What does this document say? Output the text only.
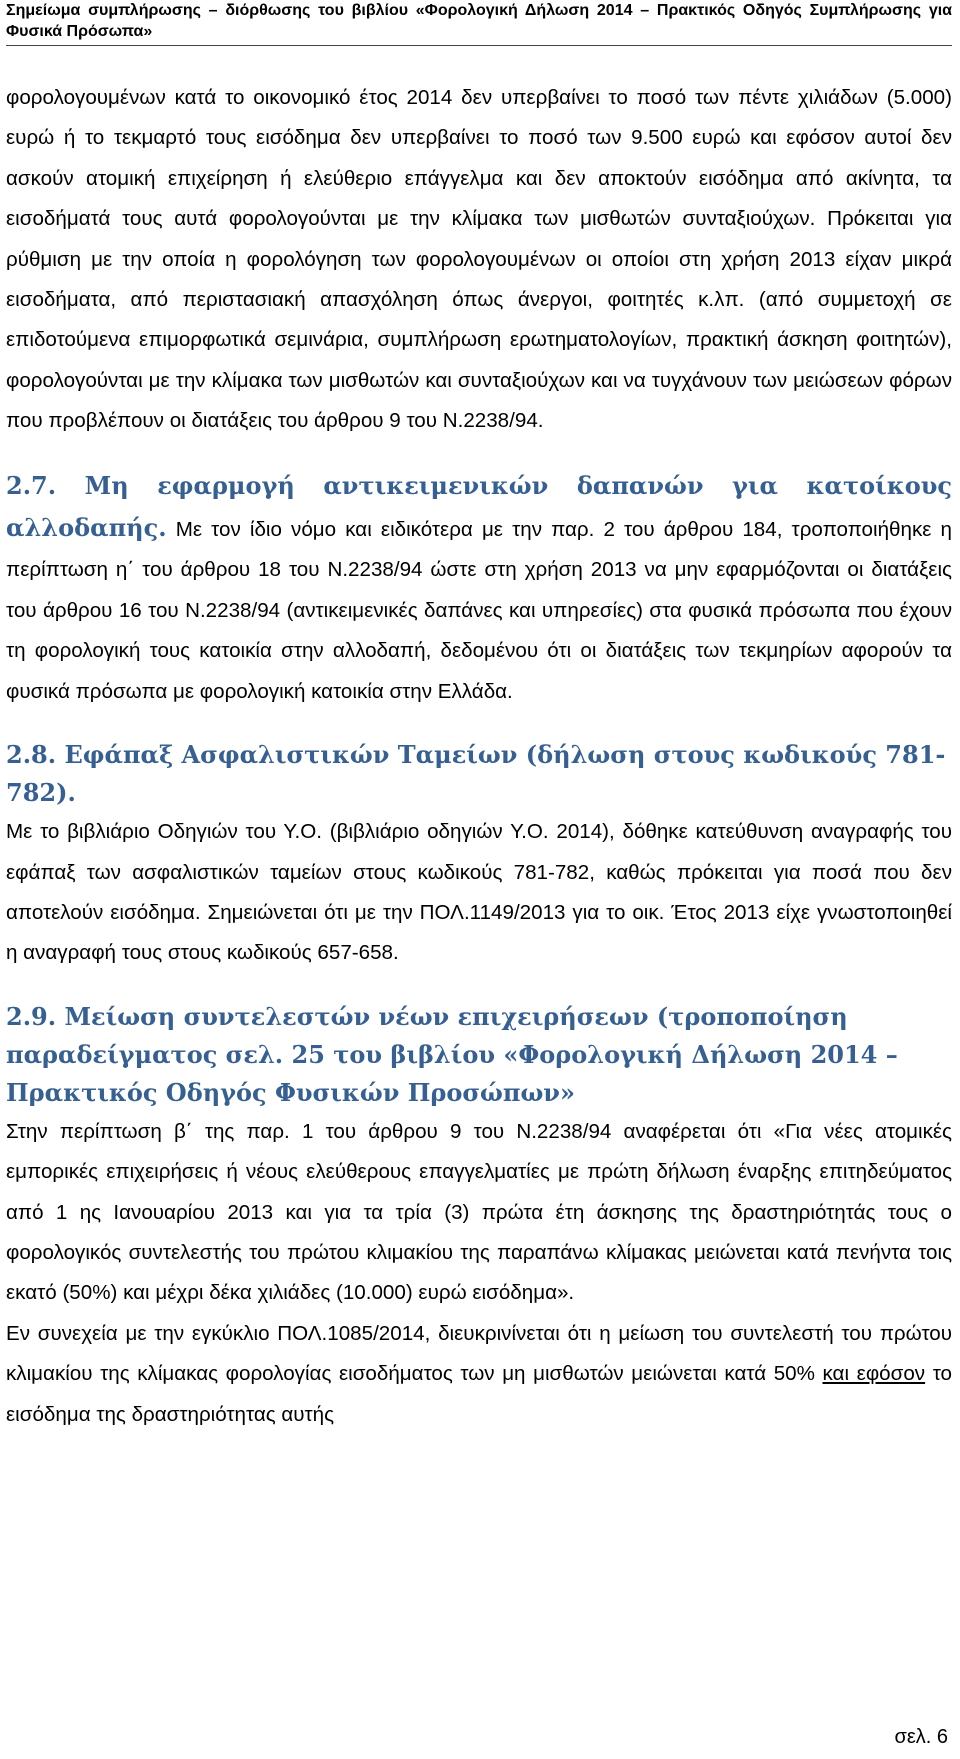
Σημείωμα συμπλήρωσης – διόρθωσης του βιβλίου «Φορολογική Δήλωση 2014 – Πρακτικός Οδηγός Συμπλήρωσης για Φυσικά Πρόσωπα»

φορολογουμένων κατά το οικονομικό έτος 2014 δεν υπερβαίνει το ποσό των πέντε χιλιάδων (5.000) ευρώ ή το τεκμαρτό τους εισόδημα δεν υπερβαίνει το ποσό των 9.500 ευρώ και εφόσον αυτοί δεν ασκούν ατομική επιχείρηση ή ελεύθεριο επάγγελμα και δεν αποκτούν εισόδημα από ακίνητα, τα εισοδήματά τους αυτά φορολογούνται με την κλίμακα των μισθωτών συνταξιούχων. Πρόκειται για ρύθμιση με την οποία η φορολόγηση των φορολογουμένων οι οποίοι στη χρήση 2013 είχαν μικρά εισοδήματα, από περιστασιακή απασχόληση όπως άνεργοι, φοιτητές κ.λπ. (από συμμετοχή σε επιδοτούμενα επιμορφωτικά σεμινάρια, συμπλήρωση ερωτηματολογίων, πρακτική άσκηση φοιτητών), φορολογούνται με την κλίμακα των μισθωτών και συνταξιούχων και να τυγχάνουν των μειώσεων φόρων που προβλέπουν οι διατάξεις του άρθρου 9 του Ν.2238/94.

2.7. Μη εφαρμογή αντικειμενικών δαπανών για κατοίκους αλλοδαπής. Με τον ίδιο νόμο και ειδικότερα με την παρ. 2 του άρθρου 184, τροποποιήθηκε η περίπτωση η΄ του άρθρου 18 του Ν.2238/94 ώστε στη χρήση 2013 να μην εφαρμόζονται οι διατάξεις του άρθρου 16 του Ν.2238/94 (αντικειμενικές δαπάνες και υπηρεσίες) στα φυσικά πρόσωπα που έχουν τη φορολογική τους κατοικία στην αλλοδαπή, δεδομένου ότι οι διατάξεις των τεκμηρίων αφορούν τα φυσικά πρόσωπα με φορολογική κατοικία στην Ελλάδα.

2.8. Εφάπαξ Ασφαλιστικών Ταμείων (δήλωση στους κωδικούς 781-782).

Με το βιβλιάριο Οδηγιών του Υ.Ο. (βιβλιάριο οδηγιών Υ.Ο. 2014), δόθηκε κατεύθυνση αναγραφής του εφάπαξ των ασφαλιστικών ταμείων στους κωδικούς 781-782, καθώς πρόκειται για ποσά που δεν αποτελούν εισόδημα. Σημειώνεται ότι με την ΠΟΛ.1149/2013 για το οικ. Έτος 2013 είχε γνωστοποιηθεί η αναγραφή τους στους κωδικούς 657-658.

2.9. Μείωση συντελεστών νέων επιχειρήσεων (τροποποίηση παραδείγματος σελ. 25 του βιβλίου «Φορολογική Δήλωση 2014 – Πρακτικός Οδηγός Φυσικών Προσώπων»

Στην περίπτωση β΄ της παρ. 1 του άρθρου 9 του Ν.2238/94 αναφέρεται ότι «Για νέες ατομικές εμπορικές επιχειρήσεις ή νέους ελεύθερους επαγγελματίες με πρώτη δήλωση έναρξης επιτηδεύματος από 1 ης Ιανουαρίου 2013 και για τα τρία (3) πρώτα έτη άσκησης της δραστηριότητάς τους ο φορολογικός συντελεστής του πρώτου κλιμακίου της παραπάνω κλίμακας μειώνεται κατά πενήντα τοις εκατό (50%) και μέχρι δέκα χιλιάδες (10.000) ευρώ εισόδημα».

Εν συνεχεία με την εγκύκλιο ΠΟΛ.1085/2014, διευκρινίνεται ότι η μείωση του συντελεστή του πρώτου κλιμακίου της κλίμακας φορολογίας εισοδήματος των μη μισθωτών μειώνεται κατά 50% και εφόσον το εισόδημα της δραστηριότητας αυτής

σελ. 6
